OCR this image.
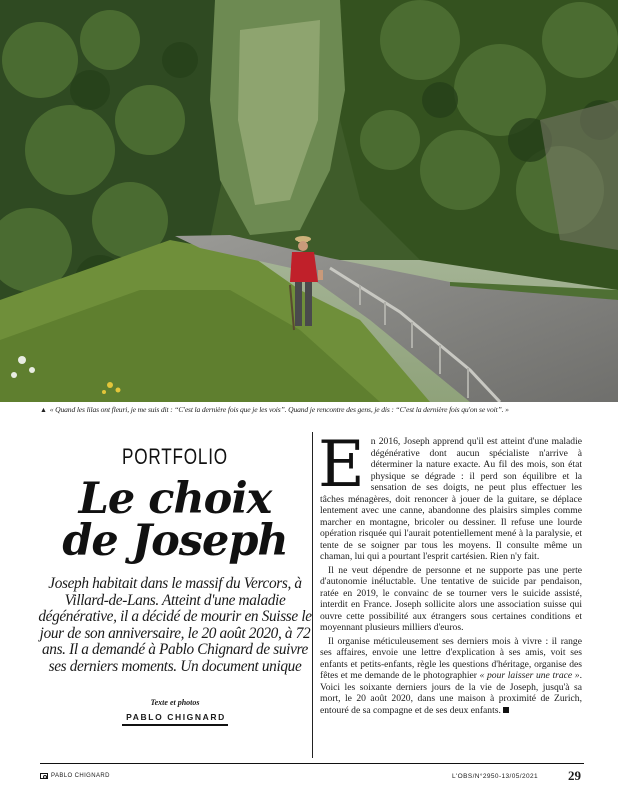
▲ « Quand les lilas ont fleuri, je me suis dit : “C'est la dernière fois que je les vois”. Quand je rencontre des gens, je dis : “C'est la dernière fois qu'on se voit”. »
PORTFOLIO
Le choix
de Joseph
Joseph habitait dans le massif du Vercors, à Villard-de-Lans. Atteint d'une maladie dégénérative, il a décidé de mourir en Suisse le jour de son anniversaire, le 20 août 2020, à 72 ans. Il a demandé à Pablo Chignard de suivre ses derniers moments. Un document unique
Texte et photos
PABLO CHIGNARD
E n 2016, Joseph apprend qu'il est atteint d'une maladie dégénérative dont aucun spécialiste n'arrive à déterminer la nature exacte. Au fil des mois, son état physique se dégrade : il perd son équilibre et la sensation de ses doigts, ne peut plus effectuer les tâches ménagères, doit renoncer à jouer de la guitare, se déplace lentement avec une canne, abandonne des plaisirs simples comme marcher en montagne, bricoler ou dessiner. Il refuse une lourde opération risquée qui l'aurait potentiellement mené à la paralysie, et tente de se soigner par tous les moyens. Il consulte même un chaman, lui qui a pourtant l'esprit cartésien. Rien n'y fait.

Il ne veut dépendre de personne et ne supporte pas une perte d'autonomie inéluctable. Une tentative de suicide par pendaison, ratée en 2019, le convainc de se tourner vers le suicide assisté, interdit en France. Joseph sollicite alors une association suisse qui ouvre cette possibilité aux étrangers sous certaines conditions et moyennant plusieurs milliers d'euros.

Il organise méticuleusement ses derniers mois à vivre : il range ses affaires, envoie une lettre d'explication à ses amis, voit ses enfants et petits-enfants, règle les questions d'héritage, organise des fêtes et me demande de le photographier « pour laisser une trace ». Voici les soixante derniers jours de la vie de Joseph, jusqu'à sa mort, le 20 août 2020, dans une maison à proximité de Zurich, entouré de sa compagne et de ses deux enfants.

PABLO CHIGNARD	L'OBS/N°2950-13/05/2021 29
